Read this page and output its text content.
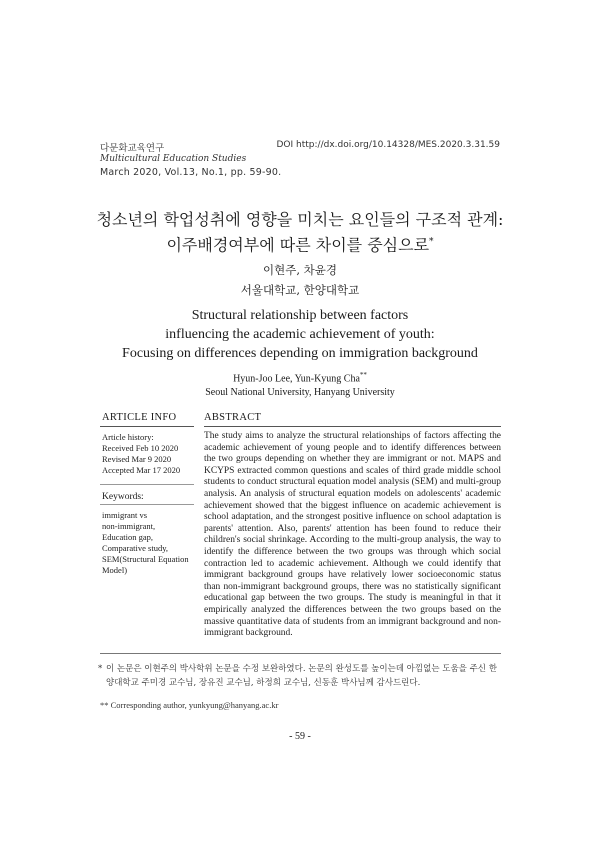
다문화교육연구
Multicultural Education Studies
March 2020, Vol.13, No.1, pp. 59-90.
DOI http://dx.doi.org/10.14328/MES.2020.3.31.59
청소년의 학업성취에 영향을 미치는 요인들의 구조적 관계:
이주배경여부에 따른 차이를 중심으로*
이현주, 차윤경
서울대학교, 한양대학교
Structural relationship between factors
influencing the academic achievement of youth:
Focusing on differences depending on immigration background
Hyun-Joo Lee, Yun-Kyung Cha**
Seoul National University, Hanyang University
ARTICLE INFO	ABSTRACT
Article history:
Received Feb 10 2020
Revised Mar 9 2020
Accepted Mar 17 2020
Keywords:
immigrant vs
non-immigrant,
Education gap,
Comparative study,
SEM(Structural Equation
Model)
The study aims to analyze the structural relationships of factors affecting the academic achievement of young people and to identify differences between the two groups depending on whether they are immigrant or not. MAPS and KCYPS extracted common questions and scales of third grade middle school students to conduct structural equation model analysis (SEM) and multi-group analysis. An analysis of structural equation models on adolescents' academic achievement showed that the biggest influence on academic achievement is school adaptation, and the strongest positive influence on school adaptation is parents' attention. Also, parents' attention has been found to reduce their children's social shrinkage. According to the multi-group analysis, the way to identify the difference between the two groups was through which social contraction led to academic achievement. Although we could identify that immigrant background groups have relatively lower socioeconomic status than non-immigrant background groups, there was no statistically significant educational gap between the two groups. The study is meaningful in that it empirically analyzed the differences between the two groups based on the massive quantitative data of students from an immigrant background and non-immigrant background.
* 이 논문은 이현주의 박사학위 논문을 수정 보완하였다. 논문의 완성도를 높이는데 아낌없는 도움을 주신 한양대학교 주미경 교수님, 장유진 교수님, 하정희 교수님, 신동훈 박사님께 감사드린다.
** Corresponding author, yunkyung@hanyang.ac.kr
- 59 -
